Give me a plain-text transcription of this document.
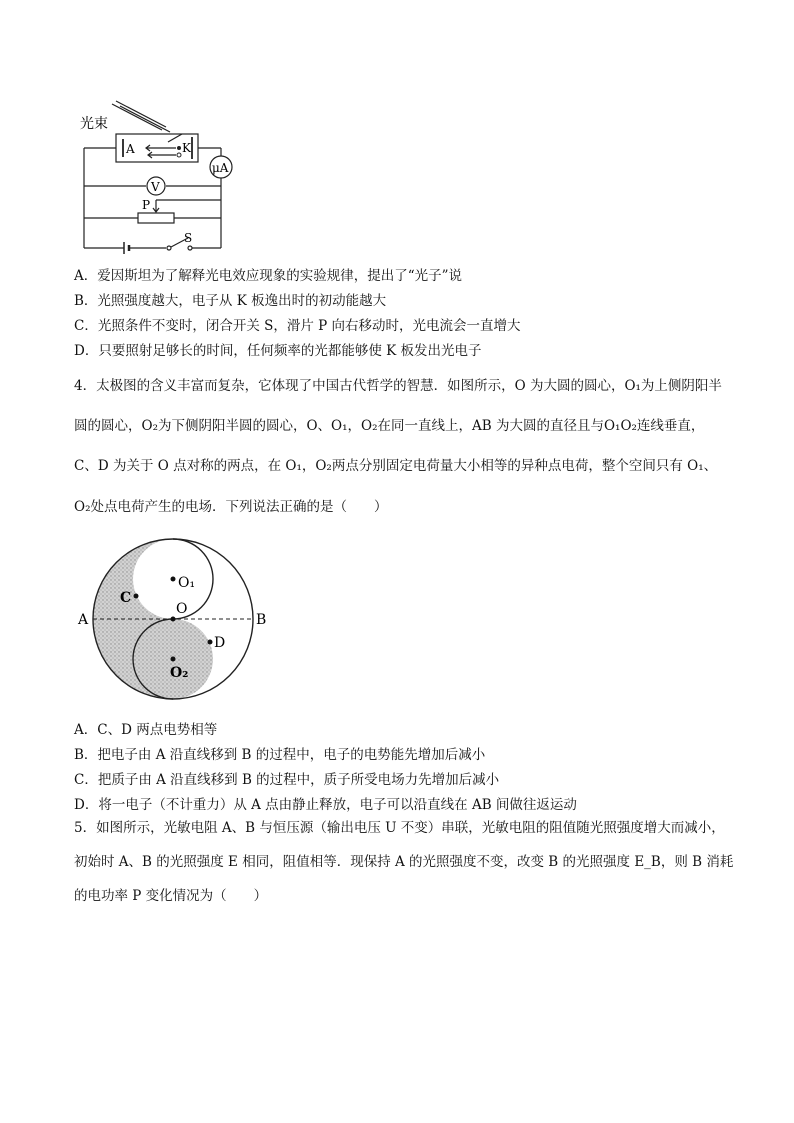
光束
A	K
μA
V
P
S
A．爱因斯坦为了解释光电效应现象的实验规律，提出了“光子”说
B．光照强度越大，电子从 K 板逸出时的初动能越大
C．光照条件不变时，闭合开关 S，滑片 P 向右移动时，光电流会一直增大
D．只要照射足够长的时间，任何频率的光都能够使 K 板发出光电子
4．太极图的含义丰富而复杂，它体现了中国古代哲学的智慧．如图所示，O 为大圆的圆心，O₁为上侧阴阳半
圆的圆心，O₂为下侧阴阳半圆的圆心，O、O₁，O₂在同一直线上，AB 为大圆的直径且与O₁O₂连线垂直，
C、D 为关于 O 点对称的两点，在 O₁，O₂两点分别固定电荷量大小相等的异种点电荷，整个空间只有 O₁、
O₂处点电荷产生的电场．下列说法正确的是（　　）
A	B
C
D
O
O₁
O₂
A．C、D 两点电势相等
B．把电子由 A 沿直线移到 B 的过程中，电子的电势能先增加后减小
C．把质子由 A 沿直线移到 B 的过程中，质子所受电场力先增加后减小
D．将一电子（不计重力）从 A 点由静止释放，电子可以沿直线在 AB 间做往返运动
5．如图所示，光敏电阻 A、B 与恒压源（输出电压 U 不变）串联，光敏电阻的阻值随光照强度增大而减小，
初始时 A、B 的光照强度 E 相同，阻值相等．现保持 A 的光照强度不变，改变 B 的光照强度 E_B，则 B 消耗
的电功率 P 变化情况为（　　）
